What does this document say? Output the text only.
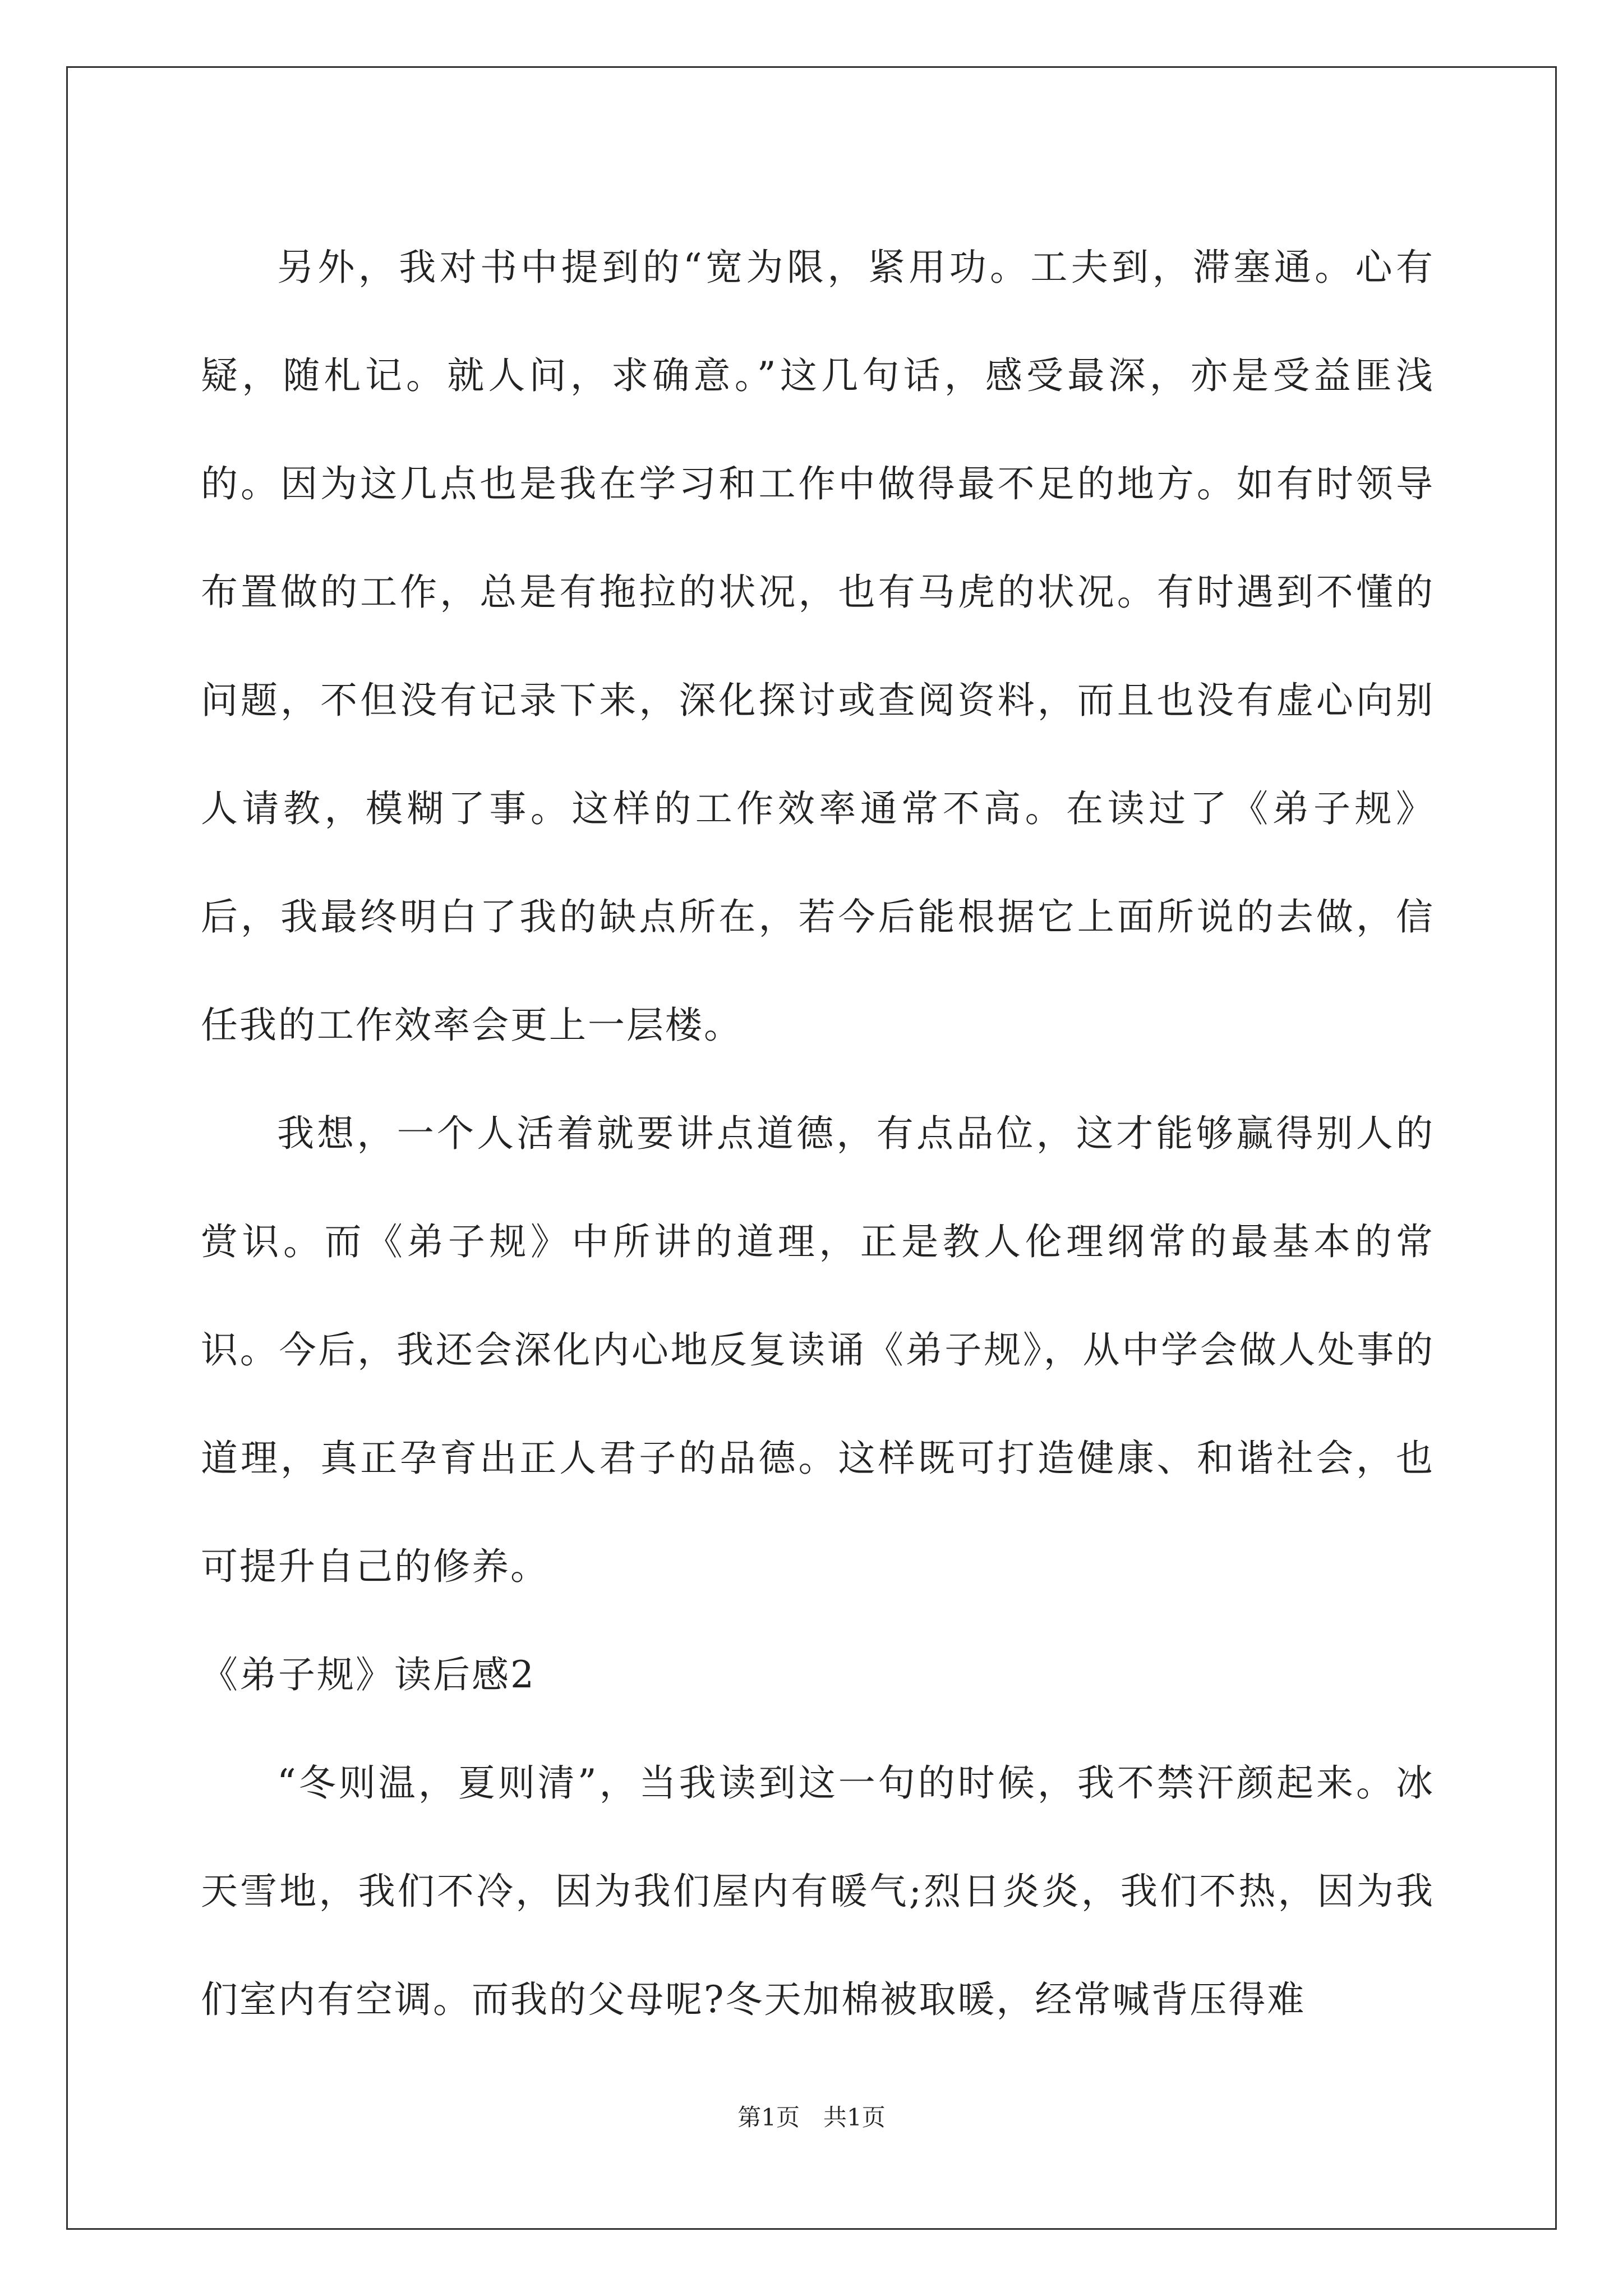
另外，我对书中提到的“宽为限，紧用功。工夫到，滞塞通。心有疑，随札记。就人问，求确意。”这几句话，感受最深，亦是受益匪浅的。因为这几点也是我在学习和工作中做得最不足的地方。如有时领导布置做的工作，总是有拖拉的状况，也有马虎的状况。有时遇到不懂的问题，不但没有记录下来，深化探讨或查阅资料，而且也没有虚心向别人请教，模糊了事。这样的工作效率通常不高。在读过了《弟子规》后，我最终明白了我的缺点所在，若今后能根据它上面所说的去做，信任我的工作效率会更上一层楼。

我想，一个人活着就要讲点道德，有点品位，这才能够赢得别人的赏识。而《弟子规》中所讲的道理，正是教人伦理纲常的最基本的常识。今后，我还会深化内心地反复读诵《弟子规》，从中学会做人处事的道理，真正孕育出正人君子的品德。这样既可打造健康、和谐社会，也可提升自己的修养。

《弟子规》读后感2

“冬则温，夏则清”，当我读到这一句的时候，我不禁汗颜起来。冰天雪地，我们不冷，因为我们屋内有暖气;烈日炎炎，我们不热，因为我们室内有空调。而我的父母呢?冬天加棉被取暖，经常喊背压得难

第1页　共1页
